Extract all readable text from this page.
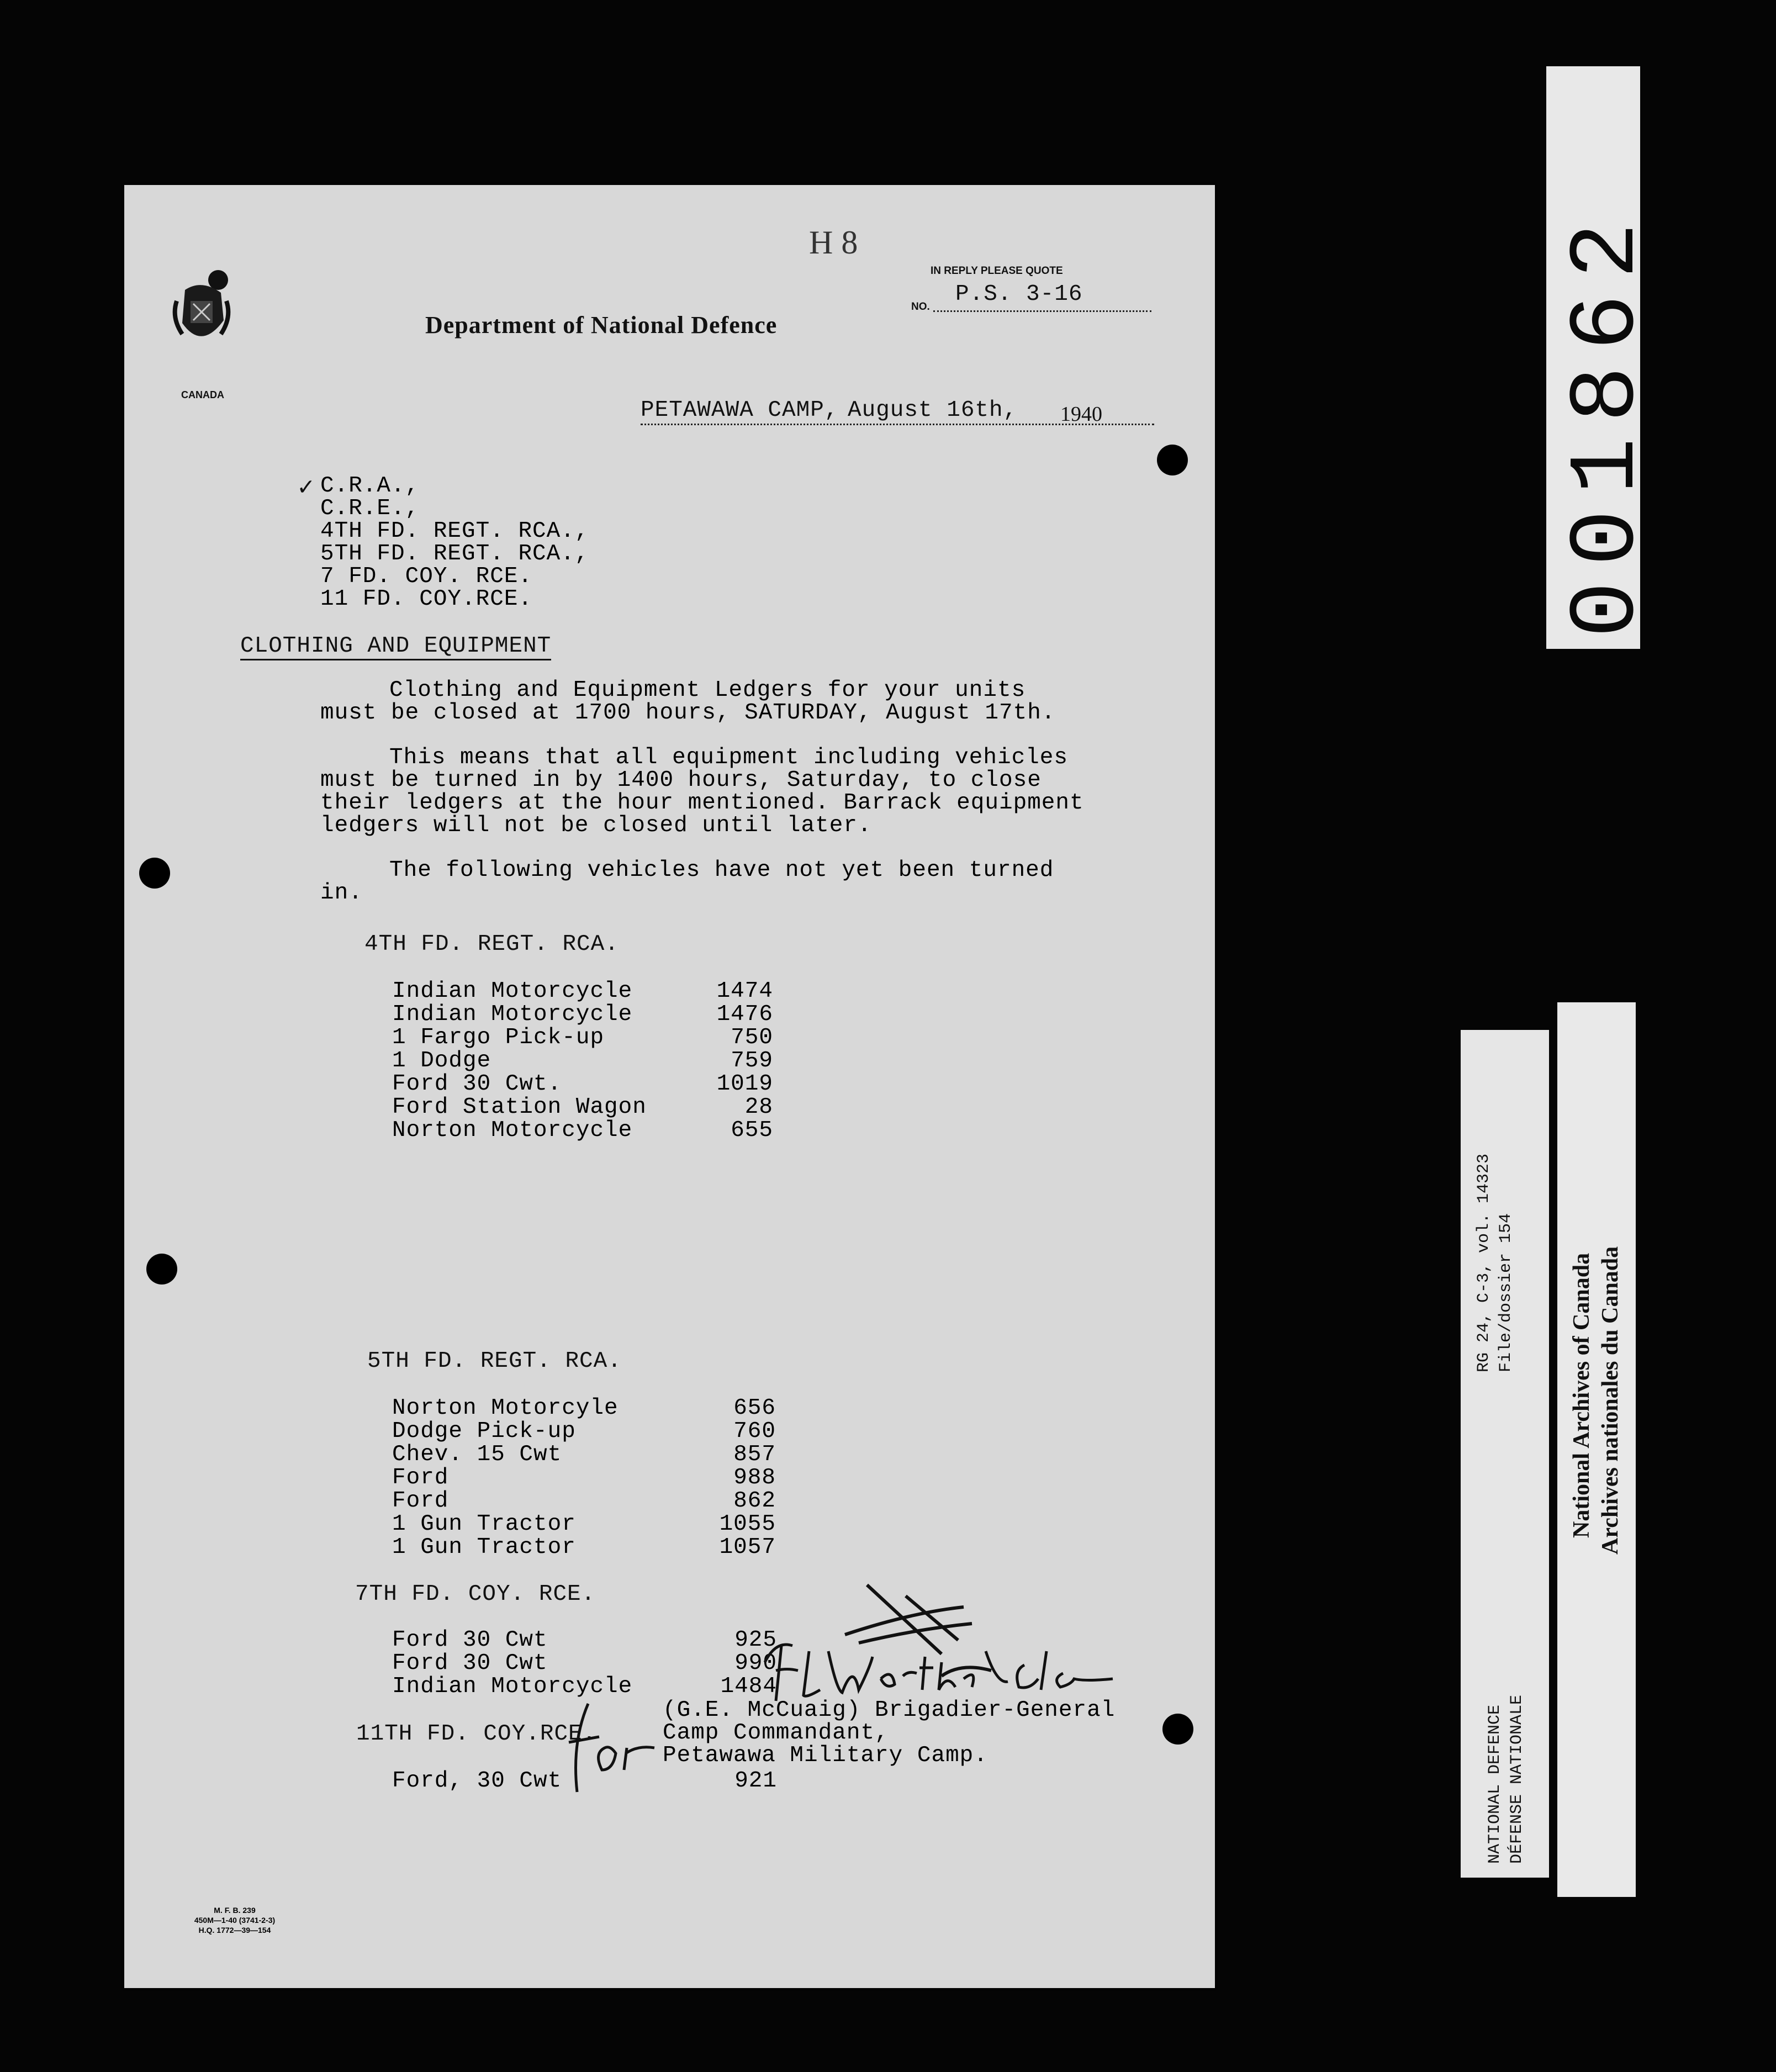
H 8
IN REPLY PLEASE QUOTE
NO. P.S. 3-16
CANADA
Department of National Defence
PETAWAWA CAMP, August 16th, 1940
✓ C.R.A.,
C.R.E.,
4TH FD. REGT. RCA.,
5TH FD. REGT. RCA.,
7 FD. COY. RCE.
11 FD. COY.RCE.
CLOTHING AND EQUIPMENT
Clothing and Equipment Ledgers for your units
must be closed at 1700 hours, SATURDAY, August 17th.
This means that all equipment including vehicles
must be turned in by 1400 hours, Saturday, to close
their ledgers at the hour mentioned. Barrack equipment
ledgers will not be closed until later.
The following vehicles have not yet been turned
in.
4TH FD. REGT. RCA.
Indian Motorcycle	1474
Indian Motorcycle	1476
1 Fargo Pick-up	750
1 Dodge	759
Ford 30 Cwt.	1019
Ford Station Wagon	28
Norton Motorcycle	655
5TH FD. REGT. RCA.
Norton Motorcyle	656
Dodge Pick-up	760
Chev. 15 Cwt	857
Ford	988
Ford	862
1 Gun Tractor	1055
1 Gun Tractor	1057
7TH FD. COY. RCE.
Ford 30 Cwt	925
Ford 30 Cwt	990
Indian Motorcycle	1484
11TH FD. COY.RCE.
Ford, 30 Cwt	921
(G.E. McCuaig) Brigadier-General
Camp Commandant,
Petawawa Military Camp.
M. F. B. 239
450M—1-40 (3741-2-3)
H.Q. 1772—39—154
001862
RG 24, C-3, vol. 14323 File/dossier 154
NATIONAL DEFENCE DÉFENSE NATIONALE
National Archives of Canada Archives nationales du Canada
